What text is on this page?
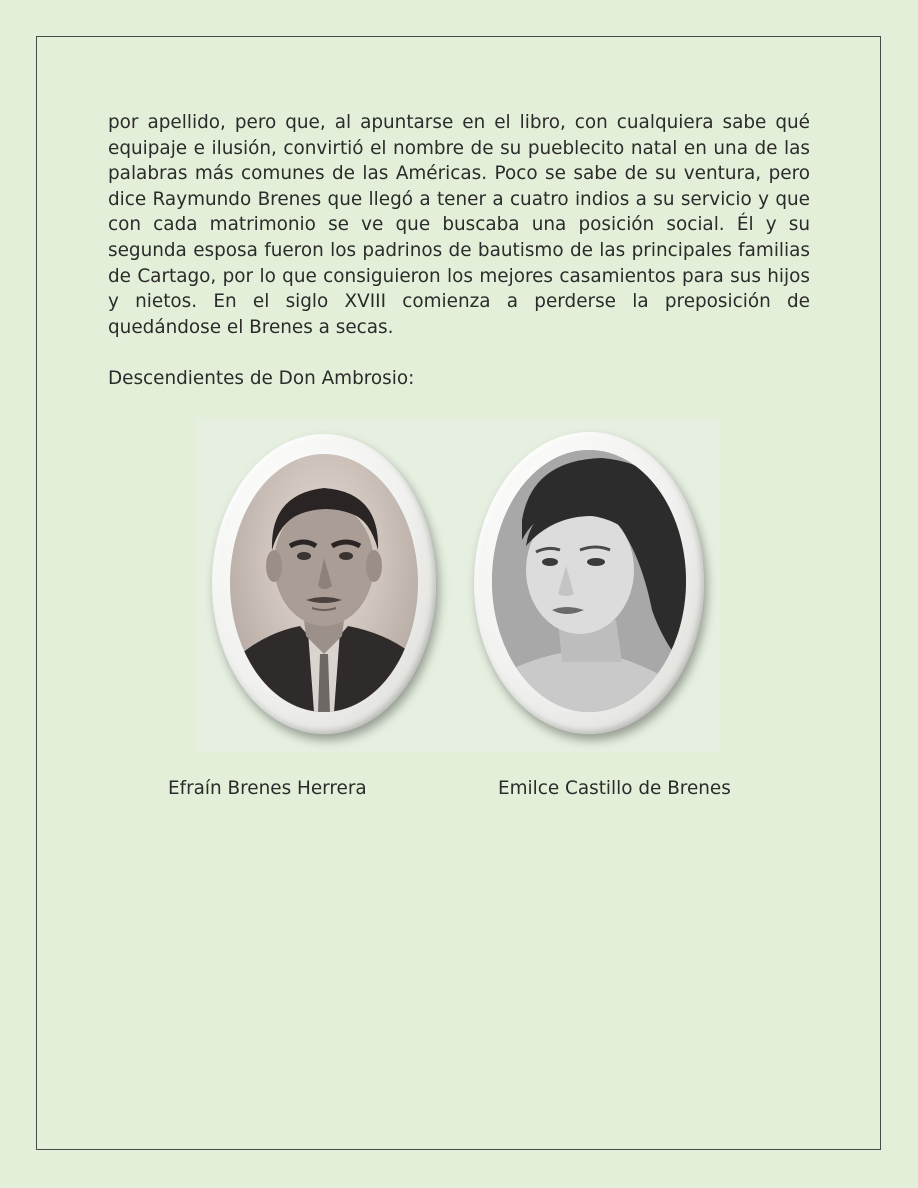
por apellido, pero que, al apuntarse en el libro, con cualquiera sabe qué equipaje e ilusión, convirtió el nombre de su pueblecito natal en una de las palabras más comunes de las Américas. Poco se sabe de su ventura, pero dice Raymundo Brenes que llegó a tener a cuatro indios a su servicio y que con cada matrimonio se ve que buscaba una posición social. Él y su segunda esposa fueron los padrinos de bautismo de las principales familias de Cartago, por lo que consiguieron los mejores casamientos para sus hijos y nietos. En el siglo XVIII comienza a perderse la preposición de quedándose el Brenes a secas.

Descendientes de Don Ambrosio:

Efraín Brenes Herrera	Emilce Castillo de Brenes
